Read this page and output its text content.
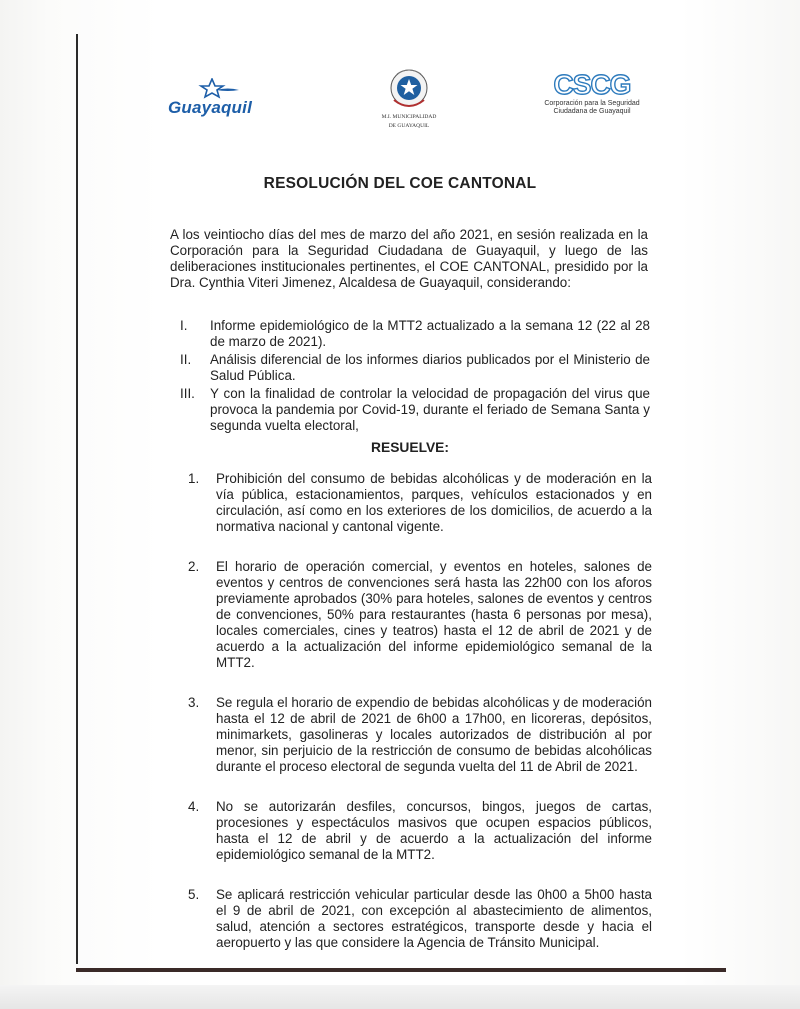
Guayaquil	M.I. MUNICIPALIDAD
DE GUAYAQUIL
CSCG
Corporación para la Seguridad
Ciudadana de Guayaquil
RESOLUCIÓN DEL COE CANTONAL
A los veintiocho días del mes de marzo del año 2021, en sesión realizada en la Corporación para la Seguridad Ciudadana de Guayaquil, y luego de las deliberaciones institucionales pertinentes, el COE CANTONAL, presidido por la Dra. Cynthia Viteri Jimenez, Alcaldesa de Guayaquil, considerando:
I.	Informe epidemiológico de la MTT2 actualizado a la semana 12 (22 al 28 de marzo de 2021).
II.	Análisis diferencial de los informes diarios publicados por el Ministerio de Salud Pública.
III.	Y con la finalidad de controlar la velocidad de propagación del virus que provoca la pandemia por Covid-19, durante el feriado de Semana Santa y segunda vuelta electoral,
RESUELVE:
1.	Prohibición del consumo de bebidas alcohólicas y de moderación en la vía pública, estacionamientos, parques, vehículos estacionados y en circulación, así como en los exteriores de los domicilios, de acuerdo a la normativa nacional y cantonal vigente.
2.	El horario de operación comercial, y eventos en hoteles, salones de eventos y centros de convenciones será hasta las 22h00 con los aforos previamente aprobados (30% para hoteles, salones de eventos y centros de convenciones, 50% para restaurantes (hasta 6 personas por mesa), locales comerciales, cines y teatros) hasta el 12 de abril de 2021 y de acuerdo a la actualización del informe epidemiológico semanal de la MTT2.
3.	Se regula el horario de expendio de bebidas alcohólicas y de moderación hasta el 12 de abril de 2021 de 6h00 a 17h00, en licoreras, depósitos, minimarkets, gasolineras y locales autorizados de distribución al por menor, sin perjuicio de la restricción de consumo de bebidas alcohólicas durante el proceso electoral de segunda vuelta del 11 de Abril de 2021.
4.	No se autorizarán desfiles, concursos, bingos, juegos de cartas, procesiones y espectáculos masivos que ocupen espacios públicos, hasta el 12 de abril y de acuerdo a la actualización del informe epidemiológico semanal de la MTT2.
5.	Se aplicará restricción vehicular particular desde las 0h00 a 5h00 hasta el 9 de abril de 2021, con excepción al abastecimiento de alimentos, salud, atención a sectores estratégicos, transporte desde y hacia el aeropuerto y las que considere la Agencia de Tránsito Municipal.
